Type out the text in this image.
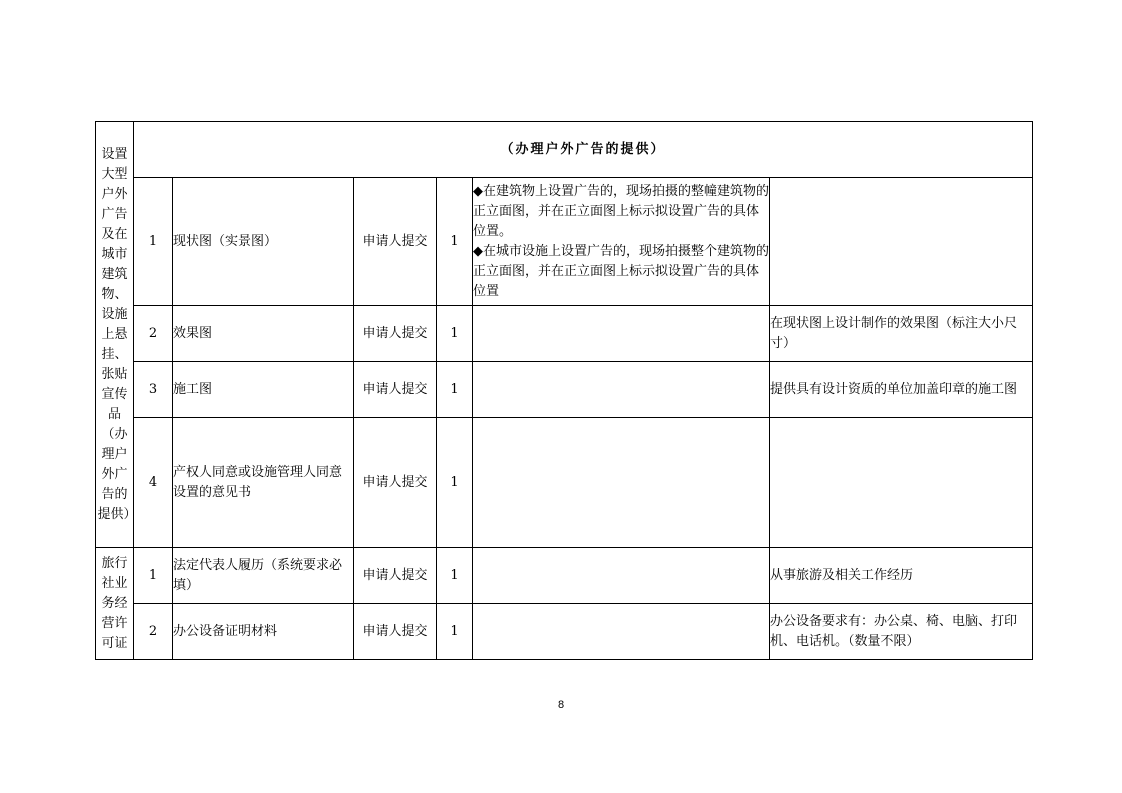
设置大型户外广告及在城市建筑物、设施上悬挂、张贴宣传品（办理户外广告的提供）	（办理户外广告的提供）					
	1	现状图（实景图）	申请人提交	1	◆在建筑物上设置广告的，现场拍摄的整幢建筑物的正立面图，并在正立面图上标示拟设置广告的具体位置。
◆在城市设施上设置广告的，现场拍摄整个建筑物的正立面图，并在正立面图上标示拟设置广告的具体位置	

	2	效果图	申请人提交	1		在现状图上设计制作的效果图（标注大小尺寸）
	3	施工图	申请人提交	1		提供具有设计资质的单位加盖印章的施工图
	4	产权人同意或设施管理人同意设置的意见书	申请人提交	1		

旅行社业务经营许可证	1	法定代表人履历（系统要求必填）	申请人提交	1		从事旅游及相关工作经历
	2	办公设备证明材料	申请人提交	1		办公设备要求有：办公桌、椅、电脑、打印机、电话机。（数量不限）
8
